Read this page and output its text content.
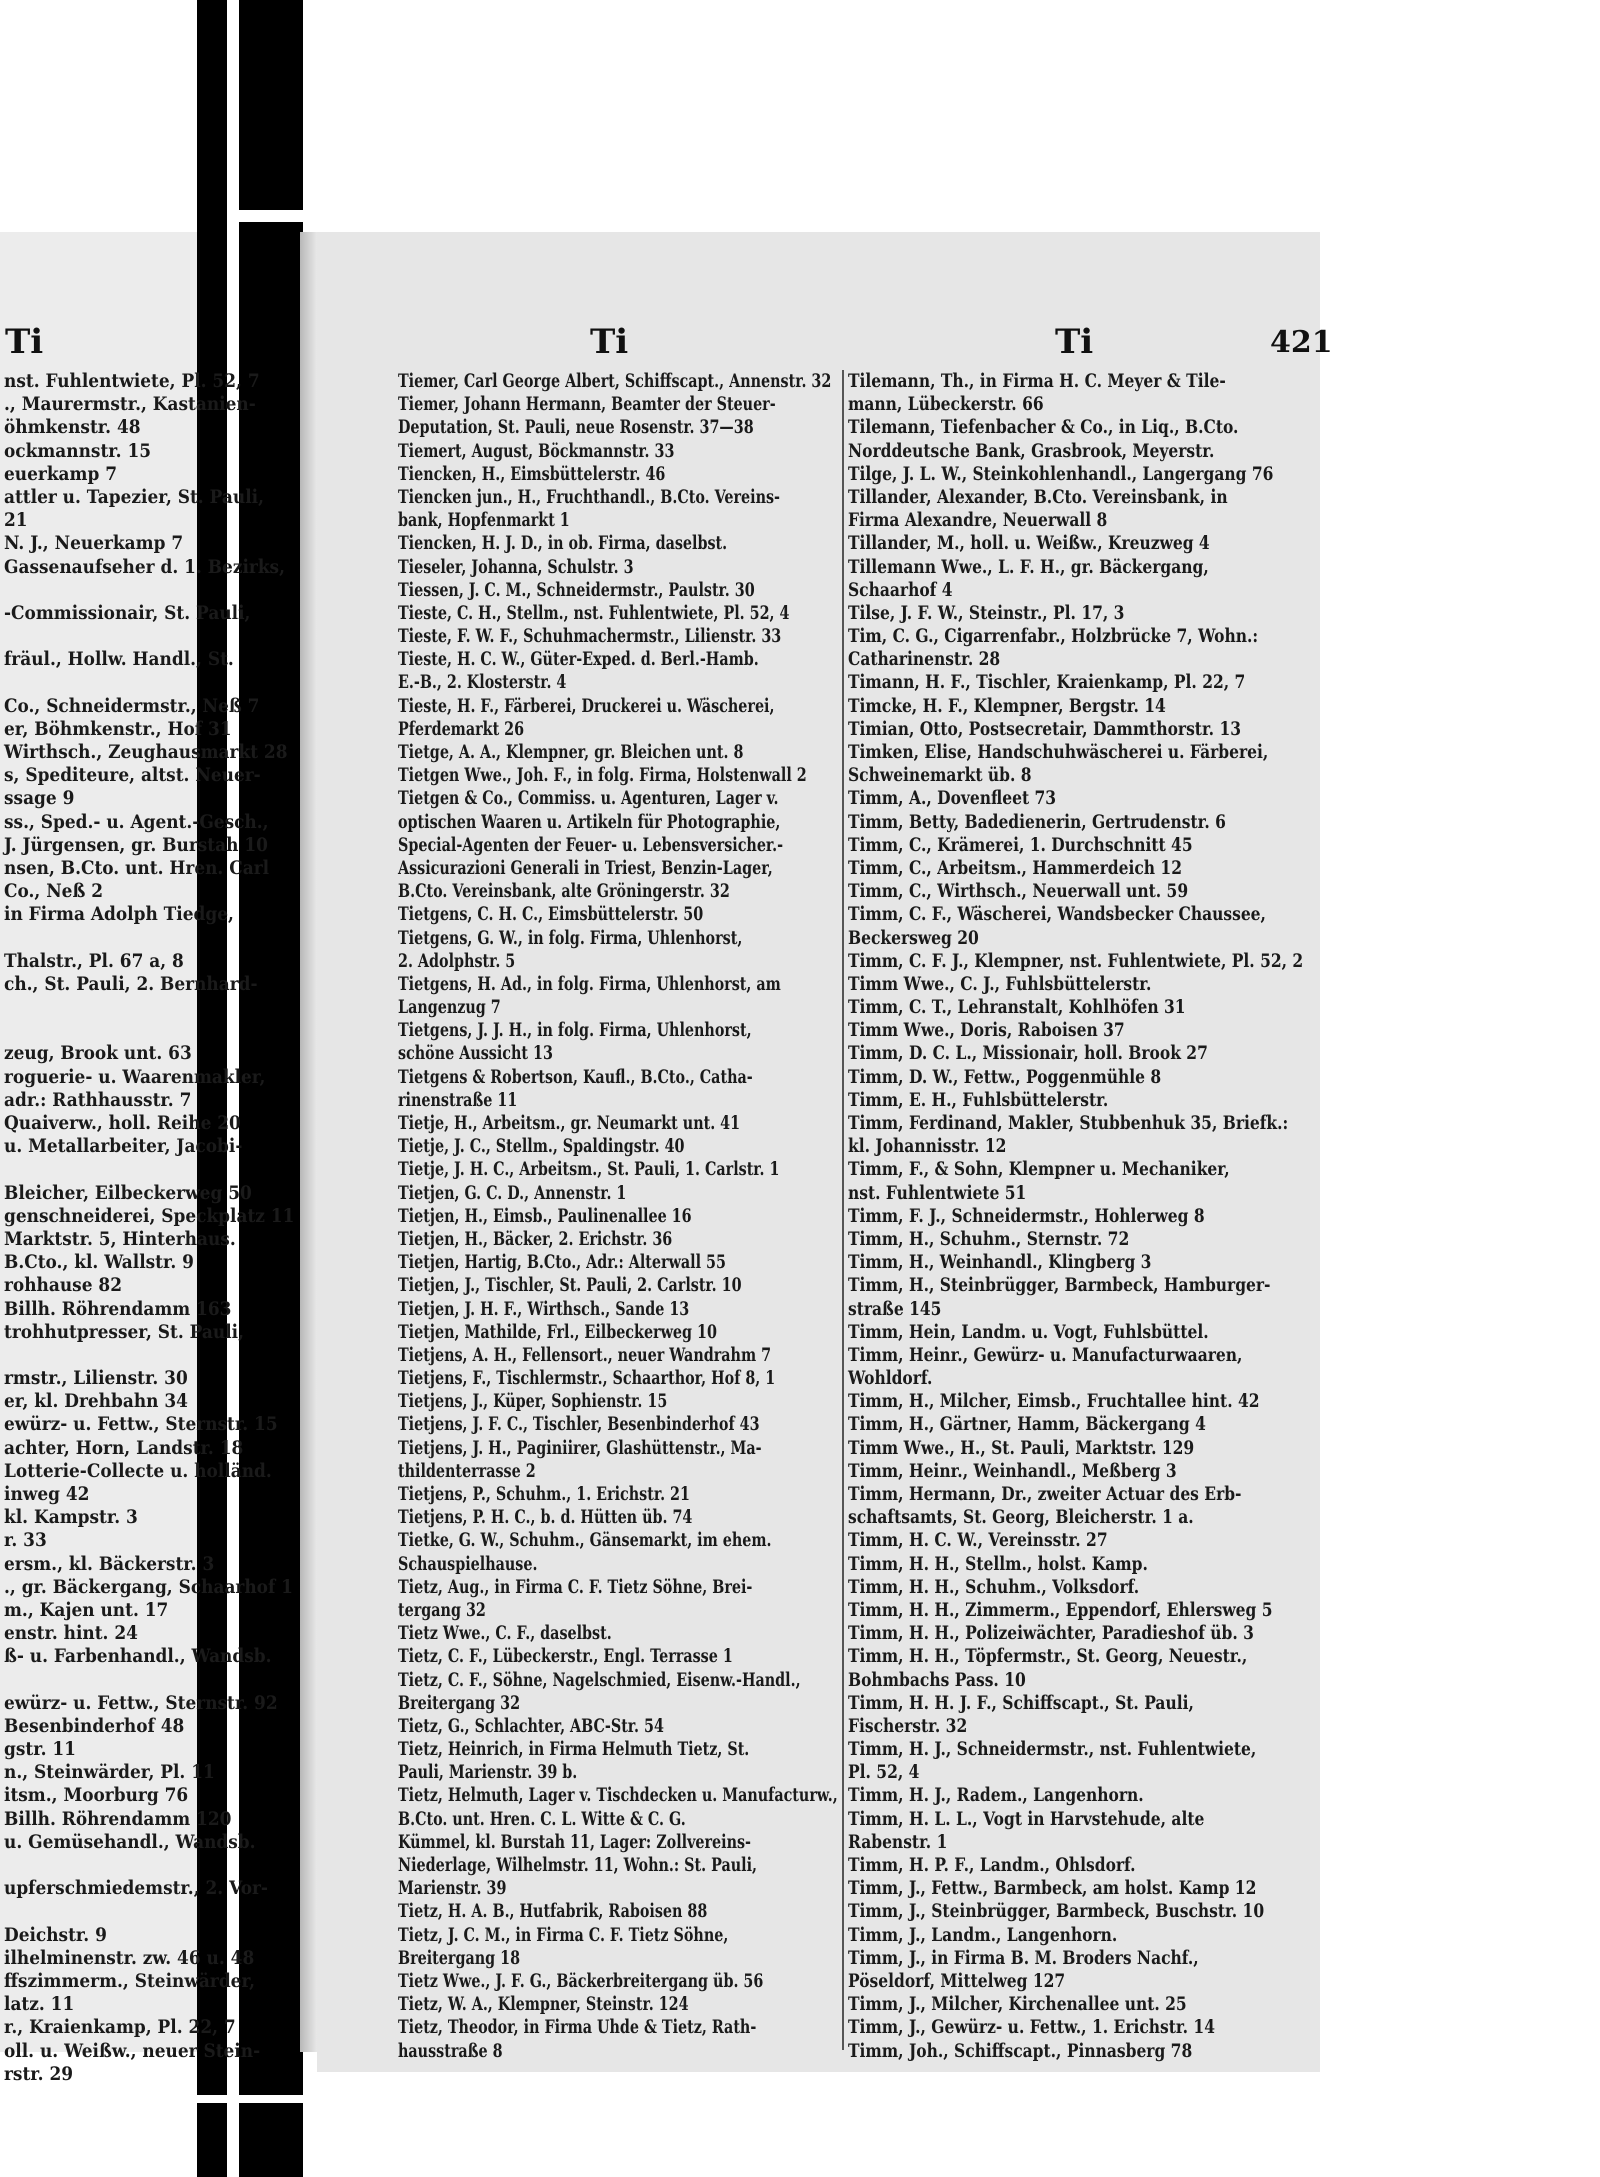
Ti	Ti	Ti	421
nst. Fuhlentwiete, Pl. 52, 7
., Maurermstr., Kastanien-
öhmkenstr. 48
ockmannstr. 15
euerkamp 7
attler u. Tapezier, St. Pauli,
21
N. J., Neuerkamp 7
Gassenaufseher d. 1. Bezirks,
-Commissionair, St. Pauli,
fräul., Hollw. Handl., St.
Co., Schneidermstr., Neß 7
er, Böhmkenstr., Hof 31
Wirthsch., Zeughausmarkt 28
s, Spediteure, altst. Neuer-
ssage 9
ss., Sped.- u. Agent.-Gesch.,
J. Jürgensen, gr. Burstah 10
nsen, B.Cto. unt. Hren. Carl
Co., Neß 2
in Firma Adolph Tiedge,
Thalstr., Pl. 67 a, 8
ch., St. Pauli, 2. Bernhard-
zeug, Brook unt. 63
roguerie- u. Waarenmakler,
adr.: Rathhausstr. 7
Quaiverw., holl. Reihe 20
u. Metallarbeiter, Jacobi-
Bleicher, Eilbeckerweg 50
genschneiderei, Speckplatz 11
Marktstr. 5, Hinterhaus.
B.Cto., kl. Wallstr. 9
rohhause 82
Billh. Röhrendamm 163
trohhutpresser, St. Pauli,
rmstr., Lilienstr. 30
er, kl. Drehbahn 34
ewürz- u. Fettw., Sternstr. 15
achter, Horn, Landstr. 18
Lotterie-Collecte u. holländ.
inweg 42
kl. Kampstr. 3
r. 33
ersm., kl. Bäckerstr. 3
., gr. Bäckergang, Schaarhof 1
m., Kajen unt. 17
enstr. hint. 24
ß- u. Farbenhandl., Wandsb.
ewürz- u. Fettw., Sternstr. 92
Besenbinderhof 48
gstr. 11
n., Steinwärder, Pl. 11
itsm., Moorburg 76
Billh. Röhrendamm 120
u. Gemüsehandl., Wandsb.
upferschmiedemstr., 2. Vor-
Deichstr. 9
ilhelminenstr. zw. 46 u. 48
ffszimmerm., Steinwärder,
latz. 11
r., Kraienkamp, Pl. 22, 7
oll. u. Weißw., neuer Stein-
rstr. 29
Tiemer, Carl George Albert, Schiffscapt., Annenstr. 32
Tiemer, Johann Hermann, Beamter der Steuer-
Deputation, St. Pauli, neue Rosenstr. 37—38
Tiemert, August, Böckmannstr. 33
Tiencken, H., Eimsbüttelerstr. 46
Tiencken jun., H., Fruchthandl., B.Cto. Vereins-
bank, Hopfenmarkt 1
Tiencken, H. J. D., in ob. Firma, daselbst.
Tieseler, Johanna, Schulstr. 3
Tiessen, J. C. M., Schneidermstr., Paulstr. 30
Tieste, C. H., Stellm., nst. Fuhlentwiete, Pl. 52, 4
Tieste, F. W. F., Schuhmachermstr., Lilienstr. 33
Tieste, H. C. W., Güter-Exped. d. Berl.-Hamb.
E.-B., 2. Klosterstr. 4
Tieste, H. F., Färberei, Druckerei u. Wäscherei,
Pferdemarkt 26
Tietge, A. A., Klempner, gr. Bleichen unt. 8
Tietgen Wwe., Joh. F., in folg. Firma, Holstenwall 2
Tietgen & Co., Commiss. u. Agenturen, Lager v.
optischen Waaren u. Artikeln für Photographie,
Special-Agenten der Feuer- u. Lebensversicher.-
Assicurazioni Generali in Triest, Benzin-Lager,
B.Cto. Vereinsbank, alte Gröningerstr. 32
Tietgens, C. H. C., Eimsbüttelerstr. 50
Tietgens, G. W., in folg. Firma, Uhlenhorst,
2. Adolphstr. 5
Tietgens, H. Ad., in folg. Firma, Uhlenhorst, am
Langenzug 7
Tietgens, J. J. H., in folg. Firma, Uhlenhorst,
schöne Aussicht 13
Tietgens & Robertson, Kaufl., B.Cto., Catha-
rinenstraße 11
Tietje, H., Arbeitsm., gr. Neumarkt unt. 41
Tietje, J. C., Stellm., Spaldingstr. 40
Tietje, J. H. C., Arbeitsm., St. Pauli, 1. Carlstr. 1
Tietjen, G. C. D., Annenstr. 1
Tietjen, H., Eimsb., Paulinenallee 16
Tietjen, H., Bäcker, 2. Erichstr. 36
Tietjen, Hartig, B.Cto., Adr.: Alterwall 55
Tietjen, J., Tischler, St. Pauli, 2. Carlstr. 10
Tietjen, J. H. F., Wirthsch., Sande 13
Tietjen, Mathilde, Frl., Eilbeckerweg 10
Tietjens, A. H., Fellensort., neuer Wandrahm 7
Tietjens, F., Tischlermstr., Schaarthor, Hof 8, 1
Tietjens, J., Küper, Sophienstr. 15
Tietjens, J. F. C., Tischler, Besenbinderhof 43
Tietjens, J. H., Paginiirer, Glashüttenstr., Ma-
thildenterrasse 2
Tietjens, P., Schuhm., 1. Erichstr. 21
Tietjens, P. H. C., b. d. Hütten üb. 74
Tietke, G. W., Schuhm., Gänsemarkt, im ehem.
Schauspielhause.
Tietz, Aug., in Firma C. F. Tietz Söhne, Brei-
tergang 32
Tietz Wwe., C. F., daselbst.
Tietz, C. F., Lübeckerstr., Engl. Terrasse 1
Tietz, C. F., Söhne, Nagelschmied, Eisenw.-Handl.,
Breitergang 32
Tietz, G., Schlachter, ABC-Str. 54
Tietz, Heinrich, in Firma Helmuth Tietz, St.
Pauli, Marienstr. 39 b.
Tietz, Helmuth, Lager v. Tischdecken u. Manufacturw.,
B.Cto. unt. Hren. C. L. Witte & C. G.
Kümmel, kl. Burstah 11, Lager: Zollvereins-
Niederlage, Wilhelmstr. 11, Wohn.: St. Pauli,
Marienstr. 39
Tietz, H. A. B., Hutfabrik, Raboisen 88
Tietz, J. C. M., in Firma C. F. Tietz Söhne,
Breitergang 18
Tietz Wwe., J. F. G., Bäckerbreitergang üb. 56
Tietz, W. A., Klempner, Steinstr. 124
Tietz, Theodor, in Firma Uhde & Tietz, Rath-
hausstraße 8
Tilemann, Th., in Firma H. C. Meyer & Tile-
mann, Lübeckerstr. 66
Tilemann, Tiefenbacher & Co., in Liq., B.Cto.
Norddeutsche Bank, Grasbrook, Meyerstr.
Tilge, J. L. W., Steinkohlenhandl., Langergang 76
Tillander, Alexander, B.Cto. Vereinsbank, in
Firma Alexandre, Neuerwall 8
Tillander, M., holl. u. Weißw., Kreuzweg 4
Tillemann Wwe., L. F. H., gr. Bäckergang,
Schaarhof 4
Tilse, J. F. W., Steinstr., Pl. 17, 3
Tim, C. G., Cigarrenfabr., Holzbrücke 7, Wohn.:
Catharinenstr. 28
Timann, H. F., Tischler, Kraienkamp, Pl. 22, 7
Timcke, H. F., Klempner, Bergstr. 14
Timian, Otto, Postsecretair, Dammthorstr. 13
Timken, Elise, Handschuhwäscherei u. Färberei,
Schweinemarkt üb. 8
Timm, A., Dovenfleet 73
Timm, Betty, Badedienerin, Gertrudenstr. 6
Timm, C., Krämerei, 1. Durchschnitt 45
Timm, C., Arbeitsm., Hammerdeich 12
Timm, C., Wirthsch., Neuerwall unt. 59
Timm, C. F., Wäscherei, Wandsbecker Chaussee,
Beckersweg 20
Timm, C. F. J., Klempner, nst. Fuhlentwiete, Pl. 52, 2
Timm Wwe., C. J., Fuhlsbüttelerstr.
Timm, C. T., Lehranstalt, Kohlhöfen 31
Timm Wwe., Doris, Raboisen 37
Timm, D. C. L., Missionair, holl. Brook 27
Timm, D. W., Fettw., Poggenmühle 8
Timm, E. H., Fuhlsbüttelerstr.
Timm, Ferdinand, Makler, Stubbenhuk 35, Briefk.:
kl. Johannisstr. 12
Timm, F., & Sohn, Klempner u. Mechaniker,
nst. Fuhlentwiete 51
Timm, F. J., Schneidermstr., Hohlerweg 8
Timm, H., Schuhm., Sternstr. 72
Timm, H., Weinhandl., Klingberg 3
Timm, H., Steinbrügger, Barmbeck, Hamburger-
straße 145
Timm, Hein, Landm. u. Vogt, Fuhlsbüttel.
Timm, Heinr., Gewürz- u. Manufacturwaaren,
Wohldorf.
Timm, H., Milcher, Eimsb., Fruchtallee hint. 42
Timm, H., Gärtner, Hamm, Bäckergang 4
Timm Wwe., H., St. Pauli, Marktstr. 129
Timm, Heinr., Weinhandl., Meßberg 3
Timm, Hermann, Dr., zweiter Actuar des Erb-
schaftsamts, St. Georg, Bleicherstr. 1 a.
Timm, H. C. W., Vereinsstr. 27
Timm, H. H., Stellm., holst. Kamp.
Timm, H. H., Schuhm., Volksdorf.
Timm, H. H., Zimmerm., Eppendorf, Ehlersweg 5
Timm, H. H., Polizeiwächter, Paradieshof üb. 3
Timm, H. H., Töpfermstr., St. Georg, Neuestr.,
Bohmbachs Pass. 10
Timm, H. H. J. F., Schiffscapt., St. Pauli,
Fischerstr. 32
Timm, H. J., Schneidermstr., nst. Fuhlentwiete,
Pl. 52, 4
Timm, H. J., Radem., Langenhorn.
Timm, H. L. L., Vogt in Harvstehude, alte
Rabenstr. 1
Timm, H. P. F., Landm., Ohlsdorf.
Timm, J., Fettw., Barmbeck, am holst. Kamp 12
Timm, J., Steinbrügger, Barmbeck, Buschstr. 10
Timm, J., Landm., Langenhorn.
Timm, J., in Firma B. M. Broders Nachf.,
Pöseldorf, Mittelweg 127
Timm, J., Milcher, Kirchenallee unt. 25
Timm, J., Gewürz- u. Fettw., 1. Erichstr. 14
Timm, Joh., Schiffscapt., Pinnasberg 78
